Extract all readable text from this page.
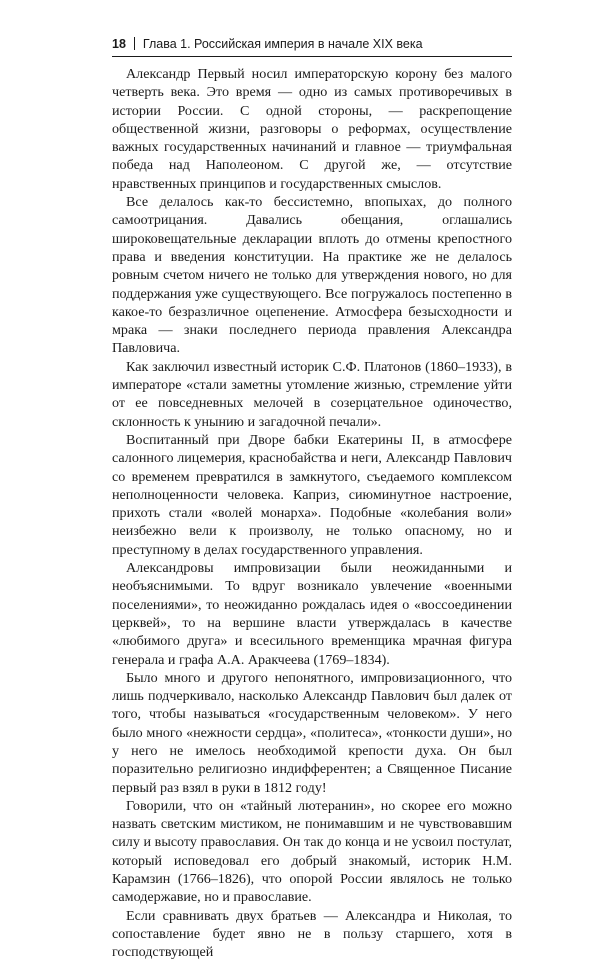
18 Глава 1. Российская империя в начале XIX века

Александр Первый носил императорскую корону без малого четверть века. Это время — одно из самых противоречивых в истории России. С одной стороны, — раскрепощение общественной жизни, разговоры о реформах, осуществление важных государственных начинаний и главное — триумфальная победа над Наполеоном. С другой же, — отсутствие нравственных принципов и государственных смыслов.

Все делалось как-то бессистемно, впопыхах, до полного самоотрицания. Давались обещания, оглашались широковещательные декларации вплоть до отмены крепостного права и введения конституции. На практике же не делалось ровным счетом ничего не только для утверждения нового, но для поддержания уже существующего. Все погружалось постепенно в какое-то безразличное оцепенение. Атмосфера безысходности и мрака — знаки последнего периода правления Александра Павловича.

Как заключил известный историк С.Ф. Платонов (1860–1933), в императоре «стали заметны утомление жизнью, стремление уйти от ее повседневных мелочей в созерцательное одиночество, склонность к унынию и загадочной печали».

Воспитанный при Дворе бабки Екатерины II, в атмосфере салонного лицемерия, краснобайства и неги, Александр Павлович со временем превратился в замкнутого, съедаемого комплексом неполноценности человека. Каприз, сиюминутное настроение, прихоть стали «волей монарха». Подобные «колебания воли» неизбежно вели к произволу, не только опасному, но и преступному в делах государственного управления.

Александровы импровизации были неожиданными и необъяснимыми. То вдруг возникало увлечение «военными поселениями», то неожиданно рождалась идея о «воссоединении церквей», то на вершине власти утверждалась в качестве «любимого друга» и всесильного временщика мрачная фигура генерала и графа А.А. Аракчеева (1769–1834).

Было много и другого непонятного, импровизационного, что лишь подчеркивало, насколько Александр Павлович был далек от того, чтобы называться «государственным человеком». У него было много «нежности сердца», «политеса», «тонкости души», но у него не имелось необходимой крепости духа. Он был поразительно религиозно индифферентен; а Священное Писание первый раз взял в руки в 1812 году!

Говорили, что он «тайный лютеранин», но скорее его можно назвать светским мистиком, не понимавшим и не чувствовавшим силу и высоту православия. Он так до конца и не усвоил постулат, который исповедовал его добрый знакомый, историк Н.М. Карамзин (1766–1826), что опорой России являлось не только самодержавие, но и православие.

Если сравнивать двух братьев — Александра и Николая, то сопоставление будет явно не в пользу старшего, хотя в господствующей
